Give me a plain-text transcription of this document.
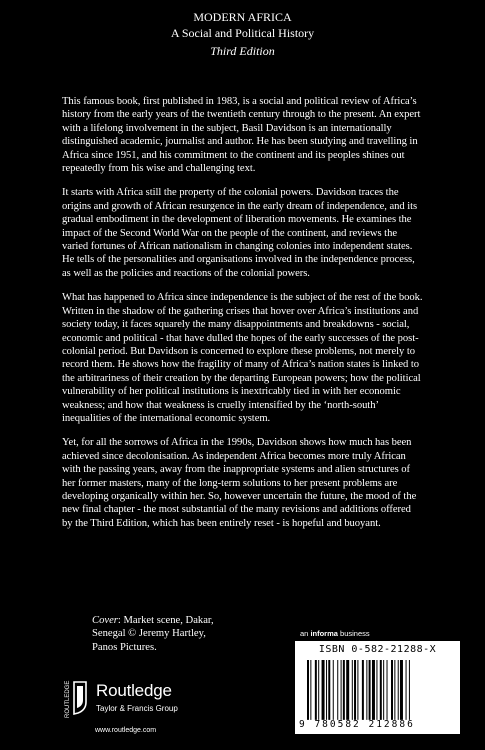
MODERN AFRICA
A Social and Political History
Third Edition

This famous book, first published in 1983, is a social and political review of Africa’s history from the early years of the twentieth century through to the present. An expert with a lifelong involvement in the subject, Basil Davidson is an internationally distinguished academic, journalist and author. He has been studying and travelling in Africa since 1951, and his commitment to the continent and its peoples shines out repeatedly from his wise and challenging text.

It starts with Africa still the property of the colonial powers. Davidson traces the origins and growth of African resurgence in the early dream of independence, and its gradual embodiment in the development of liberation movements. He examines the impact of the Second World War on the people of the continent, and reviews the varied fortunes of African nationalism in changing colonies into independent states. He tells of the personalities and organisations involved in the independence process, as well as the policies and reactions of the colonial powers.

What has happened to Africa since independence is the subject of the rest of the book. Written in the shadow of the gathering crises that hover over Africa’s institutions and society today, it faces squarely the many disappointments and breakdowns - social, economic and political - that have dulled the hopes of the early successes of the post-colonial period. But Davidson is concerned to explore these problems, not merely to record them. He shows how the fragility of many of Africa’s nation states is linked to the arbitrariness of their creation by the departing European powers; how the political vulnerability of her political institutions is inextricably tied in with her economic weakness; and how that weakness is cruelly intensified by the ‘north-south’ inequalities of the international economic system.

Yet, for all the sorrows of Africa in the 1990s, Davidson shows how much has been achieved since decolonisation. As independent Africa becomes more truly African with the passing years, away from the inappropriate systems and alien structures of her former masters, many of the long-term solutions to her present problems are developing organically within her. So, however uncertain the future, the mood of the new final chapter - the most substantial of the many revisions and additions offered by the Third Edition, which has been entirely reset - is hopeful and buoyant.

Cover: Market scene, Dakar, Senegal © Jeremy Hartley, Panos Pictures.
ROUTLEDGE Routledge
Taylor & Francis Group
www.routledge.com
an informa business
ISBN 0-582-21288-X
9 780582 212886
